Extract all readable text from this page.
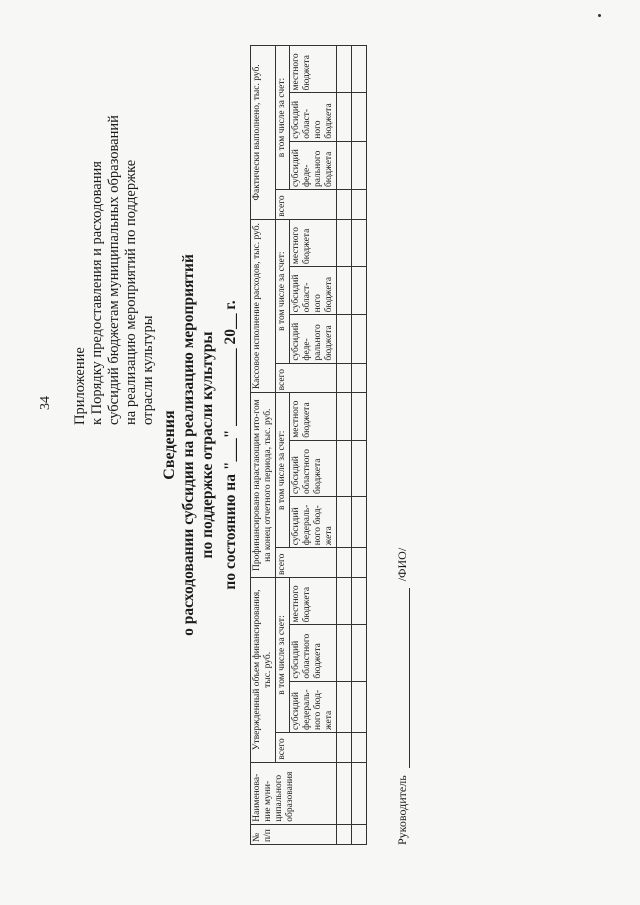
34 Приложение к Порядку предоставления и расходования субсидий бюджетам муниципальных образований на реализацию мероприятий по поддержке отрасли культуры
Сведения о расходовании субсидии на реализацию мероприятий по поддержке отрасли культуры по состоянию на "___" __________ 20__ г.
№ п/п	Наименова-ние муни-ципального образования	Утвержденный объем финансирования, тыс. руб.				Профинансировано нарастающим ито-гом на конец отчетного периода, тыс. руб.				Кассовое исполнение расходов, тыс. руб.				Фактически выполнено, тыс. руб.			
		всего	в том числе за счет:			всего	в том числе за счет:			всего	в том числе за счет:			всего	в том числе за счет:		
			субсидий федераль-ного бюд-жета	субсидий областного бюджета	местного бюджета		субсидий федераль-ного бюд-жета	субсидий областного бюджета	местного бюджета		субсидий феде-рального бюджета	субсидий област-ного бюджета	местного бюджета		субсидий феде-рального бюджета	субсидий област-ного бюджета	местного бюджета

Руководитель  /ФИО/
